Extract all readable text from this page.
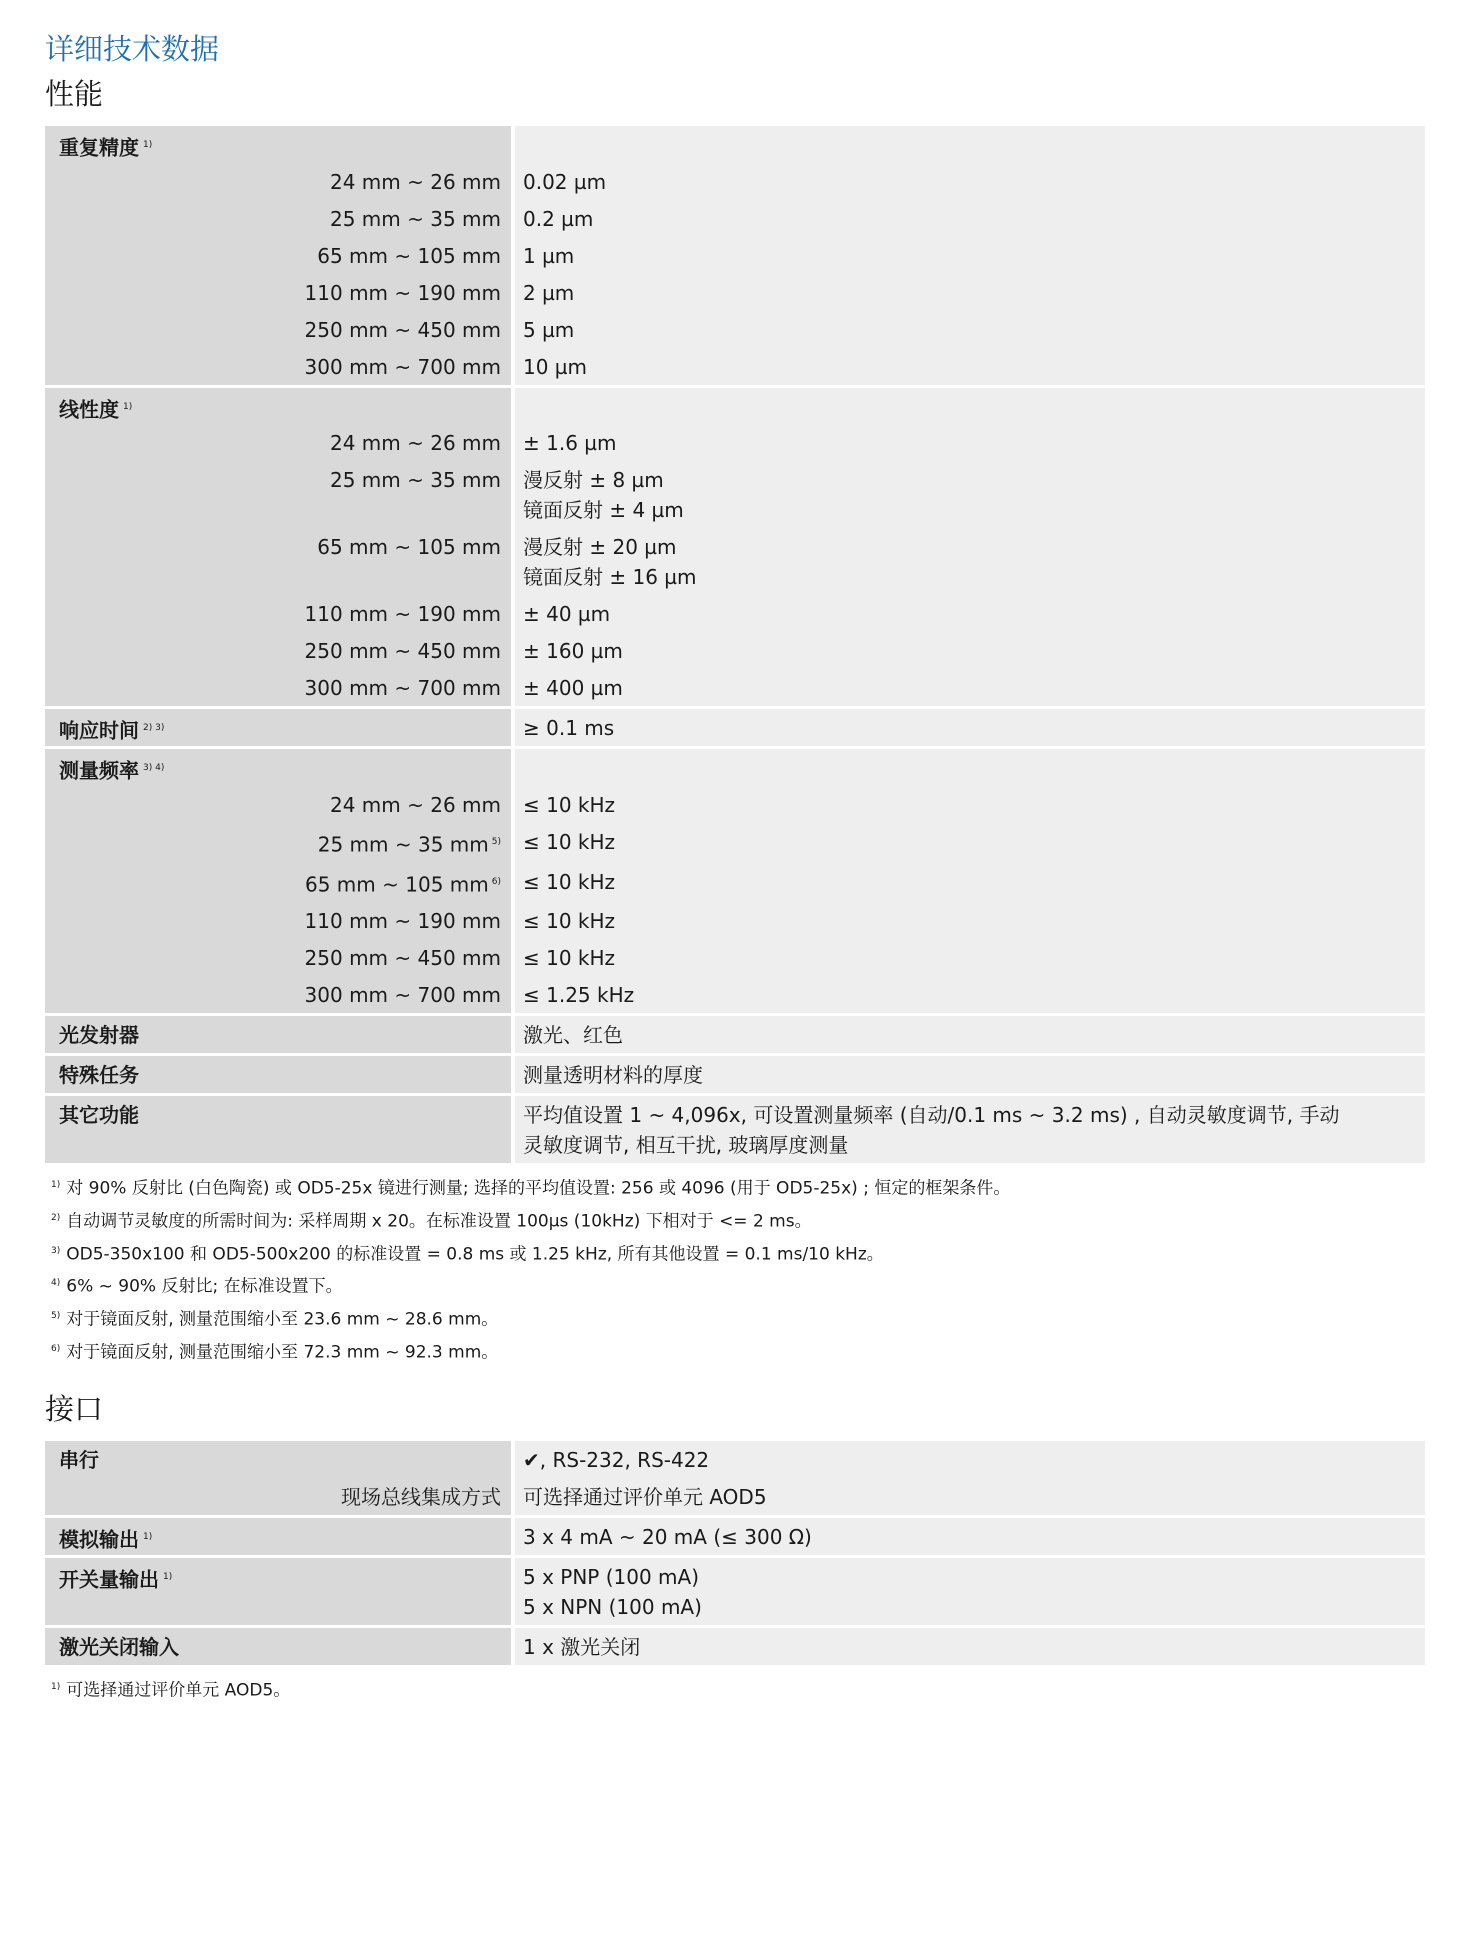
详细技术数据
性能
重复精度 $^{1)}$	
24 mm ~ 26 mm	0.02 µm
25 mm ~ 35 mm	0.2 µm
65 mm ~ 105 mm	1 µm
110 mm ~ 190 mm	2 µm
250 mm ~ 450 mm	5 µm
300 mm ~ 700 mm	10 µm
线性度 $^{1)}$	
24 mm ~ 26 mm	± 1.6 µm
25 mm ~ 35 mm	漫反射 ± 8 µm
镜面反射 ± 4 µm

65 mm ~ 105 mm	漫反射 ± 20 µm
镜面反射 ± 16 µm

110 mm ~ 190 mm	± 40 µm
250 mm ~ 450 mm	± 160 µm
300 mm ~ 700 mm	± 400 µm
响应时间 $^{2) 3)}$	≥ 0.1 ms
测量频率 $^{3) 4)}$	
24 mm ~ 26 mm	≤ 10 kHz
25 mm ~ 35 mm $^{5)}$	≤ 10 kHz
65 mm ~ 105 mm $^{6)}$	≤ 10 kHz
110 mm ~ 190 mm	≤ 10 kHz
250 mm ~ 450 mm	≤ 10 kHz
300 mm ~ 700 mm	≤ 1.25 kHz
光发射器	激光、红色
特殊任务	测量透明材料的厚度
其它功能	平均值设置 1 ~ 4,096x, 可设置测量频率 (自动/0.1 ms ~ 3.2 ms) , 自动灵敏度调节, 手动灵敏度调节, 相互干扰, 玻璃厚度测量
$^{1)}$ 对 90% 反射比 (白色陶瓷) 或 OD5-25x 镜进行测量; 选择的平均值设置: 256 或 4096 (用于 OD5-25x) ; 恒定的框架条件。
$^{2)}$ 自动调节灵敏度的所需时间为: 采样周期 x 20。在标准设置 100µs (10kHz) 下相对于 <= 2 ms。
$^{3)}$ OD5-350x100 和 OD5-500x200 的标准设置 = 0.8 ms 或 1.25 kHz, 所有其他设置 = 0.1 ms/10 kHz。
$^{4)}$ 6% ~ 90% 反射比; 在标准设置下。
$^{5)}$ 对于镜面反射, 测量范围缩小至 23.6 mm ~ 28.6 mm。
$^{6)}$ 对于镜面反射, 测量范围缩小至 72.3 mm ~ 92.3 mm。
接口
串行	✔, RS-232, RS-422
现场总线集成方式	可选择通过评价单元 AOD5
模拟输出 $^{1)}$	3 x 4 mA ~ 20 mA (≤ 300 Ω)
开关量输出 $^{1)}$	5 x PNP (100 mA)
5 x NPN (100 mA)

激光关闭输入	1 x 激光关闭
$^{1)}$ 可选择通过评价单元 AOD5。
